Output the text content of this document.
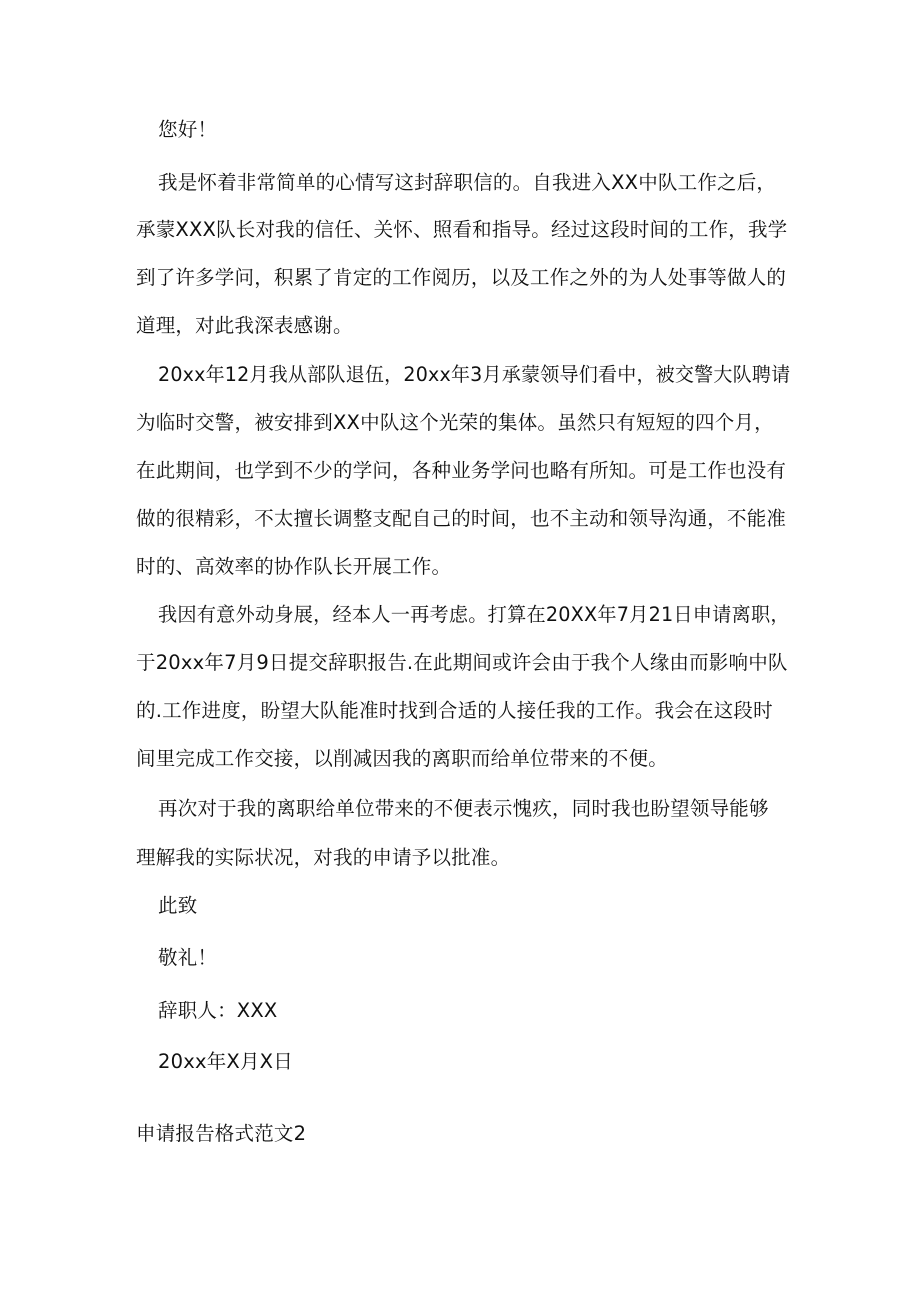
您好！
我是怀着非常简单的心情写这封辞职信的。自我进入XX中队工作之后，
承蒙XXX队长对我的信任、关怀、照看和指导。经过这段时间的工作，我学
到了许多学问，积累了肯定的工作阅历，以及工作之外的为人处事等做人的
道理，对此我深表感谢。
20xx年12月我从部队退伍，20xx年3月承蒙领导们看中，被交警大队聘请
为临时交警，被安排到XX中队这个光荣的集体。虽然只有短短的四个月，
在此期间，也学到不少的学问，各种业务学问也略有所知。可是工作也没有
做的很精彩，不太擅长调整支配自己的时间，也不主动和领导沟通，不能准
时的、高效率的协作队长开展工作。
我因有意外动身展，经本人一再考虑。打算在20XX年7月21日申请离职，
于20xx年7月9日提交辞职报告.在此期间或许会由于我个人缘由而影响中队
的.工作进度，盼望大队能准时找到合适的人接任我的工作。我会在这段时
间里完成工作交接，以削减因我的离职而给单位带来的不便。
再次对于我的离职给单位带来的不便表示愧疚，同时我也盼望领导能够
理解我的实际状况，对我的申请予以批准。
此致
敬礼！
辞职人：XXX
20xx年X月X日
申请报告格式范文2
